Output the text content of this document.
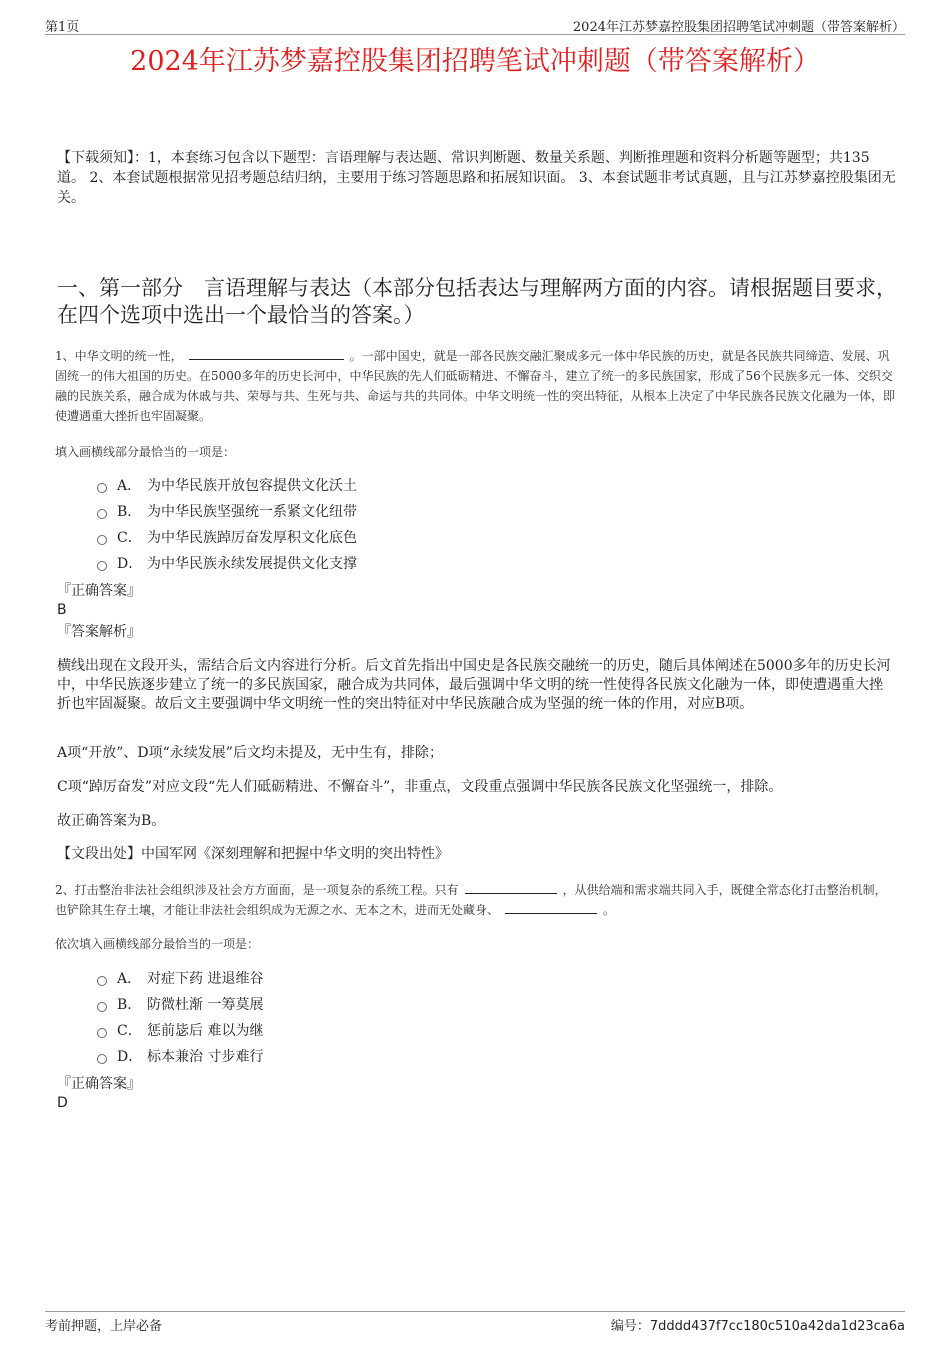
第1页	2024年江苏梦嘉控股集团招聘笔试冲刺题（带答案解析）
2024年江苏梦嘉控股集团招聘笔试冲刺题（带答案解析）
【下载须知】：1，本套练习包含以下题型：言语理解与表达题、常识判断题、数量关系题、判断推理题和资料分析题等题型；共135道。 2、本套试题根据常见招考题总结归纳，主要用于练习答题思路和拓展知识面。 3、本套试题非考试真题，且与江苏梦嘉控股集团无关。
一、第一部分　言语理解与表达（本部分包括表达与理解两方面的内容。请根据题目要求，在四个选项中选出一个最恰当的答案。）
1、中华文明的统一性，	。一部中国史，就是一部各民族交融汇聚成多元一体中华民族的历史，就是各民族共同缔造、发展、巩固统一的伟大祖国的历史。在5000多年的历史长河中，中华民族的先人们砥砺精进、不懈奋斗，建立了统一的多民族国家，形成了56个民族多元一体、交织交融的民族关系，融合成为休戚与共、荣辱与共、生死与共、命运与共的共同体。中华文明统一性的突出特征，从根本上决定了中华民族各民族文化融为一体，即使遭遇重大挫折也牢固凝聚。
填入画横线部分最恰当的一项是：
A． 为中华民族开放包容提供文化沃土
B． 为中华民族坚强统一系紧文化纽带
C． 为中华民族踔厉奋发厚积文化底色
D． 为中华民族永续发展提供文化支撑
『正确答案』
B
『答案解析』
横线出现在文段开头，需结合后文内容进行分析。后文首先指出中国史是各民族交融统一的历史，随后具体阐述在5000多年的历史长河中，中华民族逐步建立了统一的多民族国家，融合成为共同体，最后强调中华文明的统一性使得各民族文化融为一体，即使遭遇重大挫折也牢固凝聚。故后文主要强调中华文明统一性的突出特征对中华民族融合成为坚强的统一体的作用，对应B项。
A项“开放”、D项“永续发展”后文均未提及，无中生有，排除；
C项“踔厉奋发”对应文段“先人们砥砺精进、不懈奋斗”，非重点，文段重点强调中华民族各民族文化坚强统一，排除。
故正确答案为B。
【文段出处】中国军网《深刻理解和把握中华文明的突出特性》
2、打击整治非法社会组织涉及社会方方面面，是一项复杂的系统工程。只有	，从供给端和需求端共同入手，既健全常态化打击整治机制，也铲除其生存土壤，才能让非法社会组织成为无源之水、无本之木，进而无处藏身、	。
依次填入画横线部分最恰当的一项是：
A． 对症下药 进退维谷
B． 防微杜渐 一筹莫展
C． 惩前毖后 难以为继
D． 标本兼治 寸步难行
『正确答案』
D
考前押题，上岸必备	编号：7dddd437f7cc180c510a42da1d23ca6a
